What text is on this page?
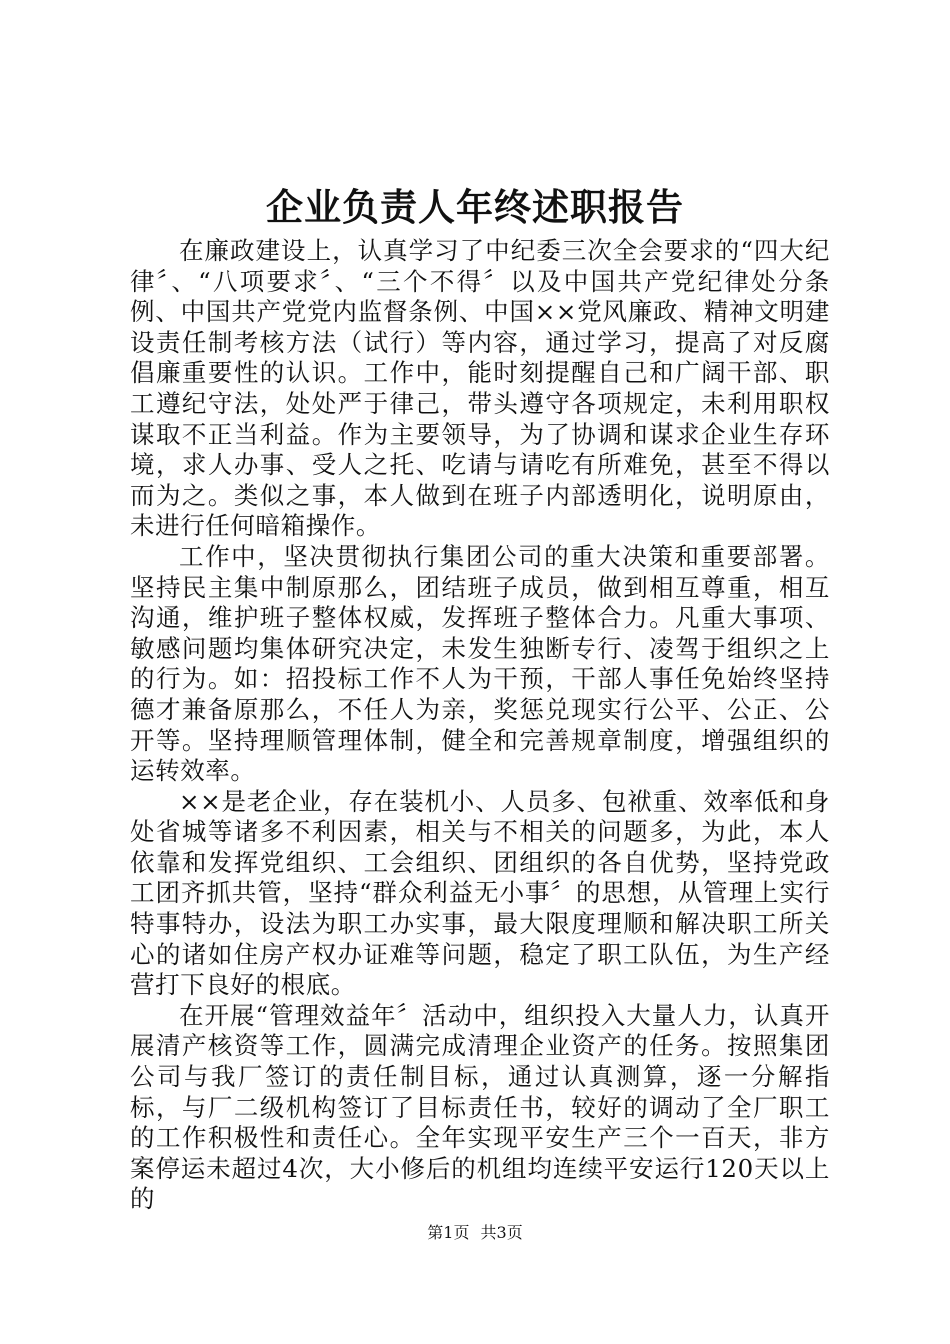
企业负责人年终述职报告

在廉政建设上，认真学习了中纪委三次全会要求的“四大纪律〞、“八项要求〞、“三个不得〞以及中国共产党纪律处分条例、中国共产党党内监督条例、中国××党风廉政、精神文明建设责任制考核方法（试行）等内容，通过学习，提高了对反腐倡廉重要性的认识。工作中，能时刻提醒自己和广阔干部、职工遵纪守法，处处严于律己，带头遵守各项规定，未利用职权谋取不正当利益。作为主要领导，为了协调和谋求企业生存环境，求人办事、受人之托、吃请与请吃有所难免，甚至不得以而为之。类似之事，本人做到在班子内部透明化，说明原由，未进行任何暗箱操作。

工作中，坚决贯彻执行集团公司的重大决策和重要部署。坚持民主集中制原那么，团结班子成员，做到相互尊重，相互沟通，维护班子整体权威，发挥班子整体合力。凡重大事项、敏感问题均集体研究决定，未发生独断专行、凌驾于组织之上的行为。如：招投标工作不人为干预，干部人事任免始终坚持德才兼备原那么，不任人为亲，奖惩兑现实行公平、公正、公开等。坚持理顺管理体制，健全和完善规章制度，增强组织的运转效率。

××是老企业，存在装机小、人员多、包袱重、效率低和身处省城等诸多不利因素，相关与不相关的问题多，为此，本人依靠和发挥党组织、工会组织、团组织的各自优势，坚持党政工团齐抓共管，坚持“群众利益无小事〞的思想，从管理上实行特事特办，设法为职工办实事，最大限度理顺和解决职工所关心的诸如住房产权办证难等问题，稳定了职工队伍，为生产经营打下良好的根底。

在开展“管理效益年〞活动中，组织投入大量人力，认真开展清产核资等工作，圆满完成清理企业资产的任务。按照集团公司与我厂签订的责任制目标，通过认真测算，逐一分解指标，与厂二级机构签订了目标责任书，较好的调动了全厂职工的工作积极性和责任心。全年实现平安生产三个一百天，非方案停运未超过4次，大小修后的机组均连续平安运行120天以上的

第1页 共3页
